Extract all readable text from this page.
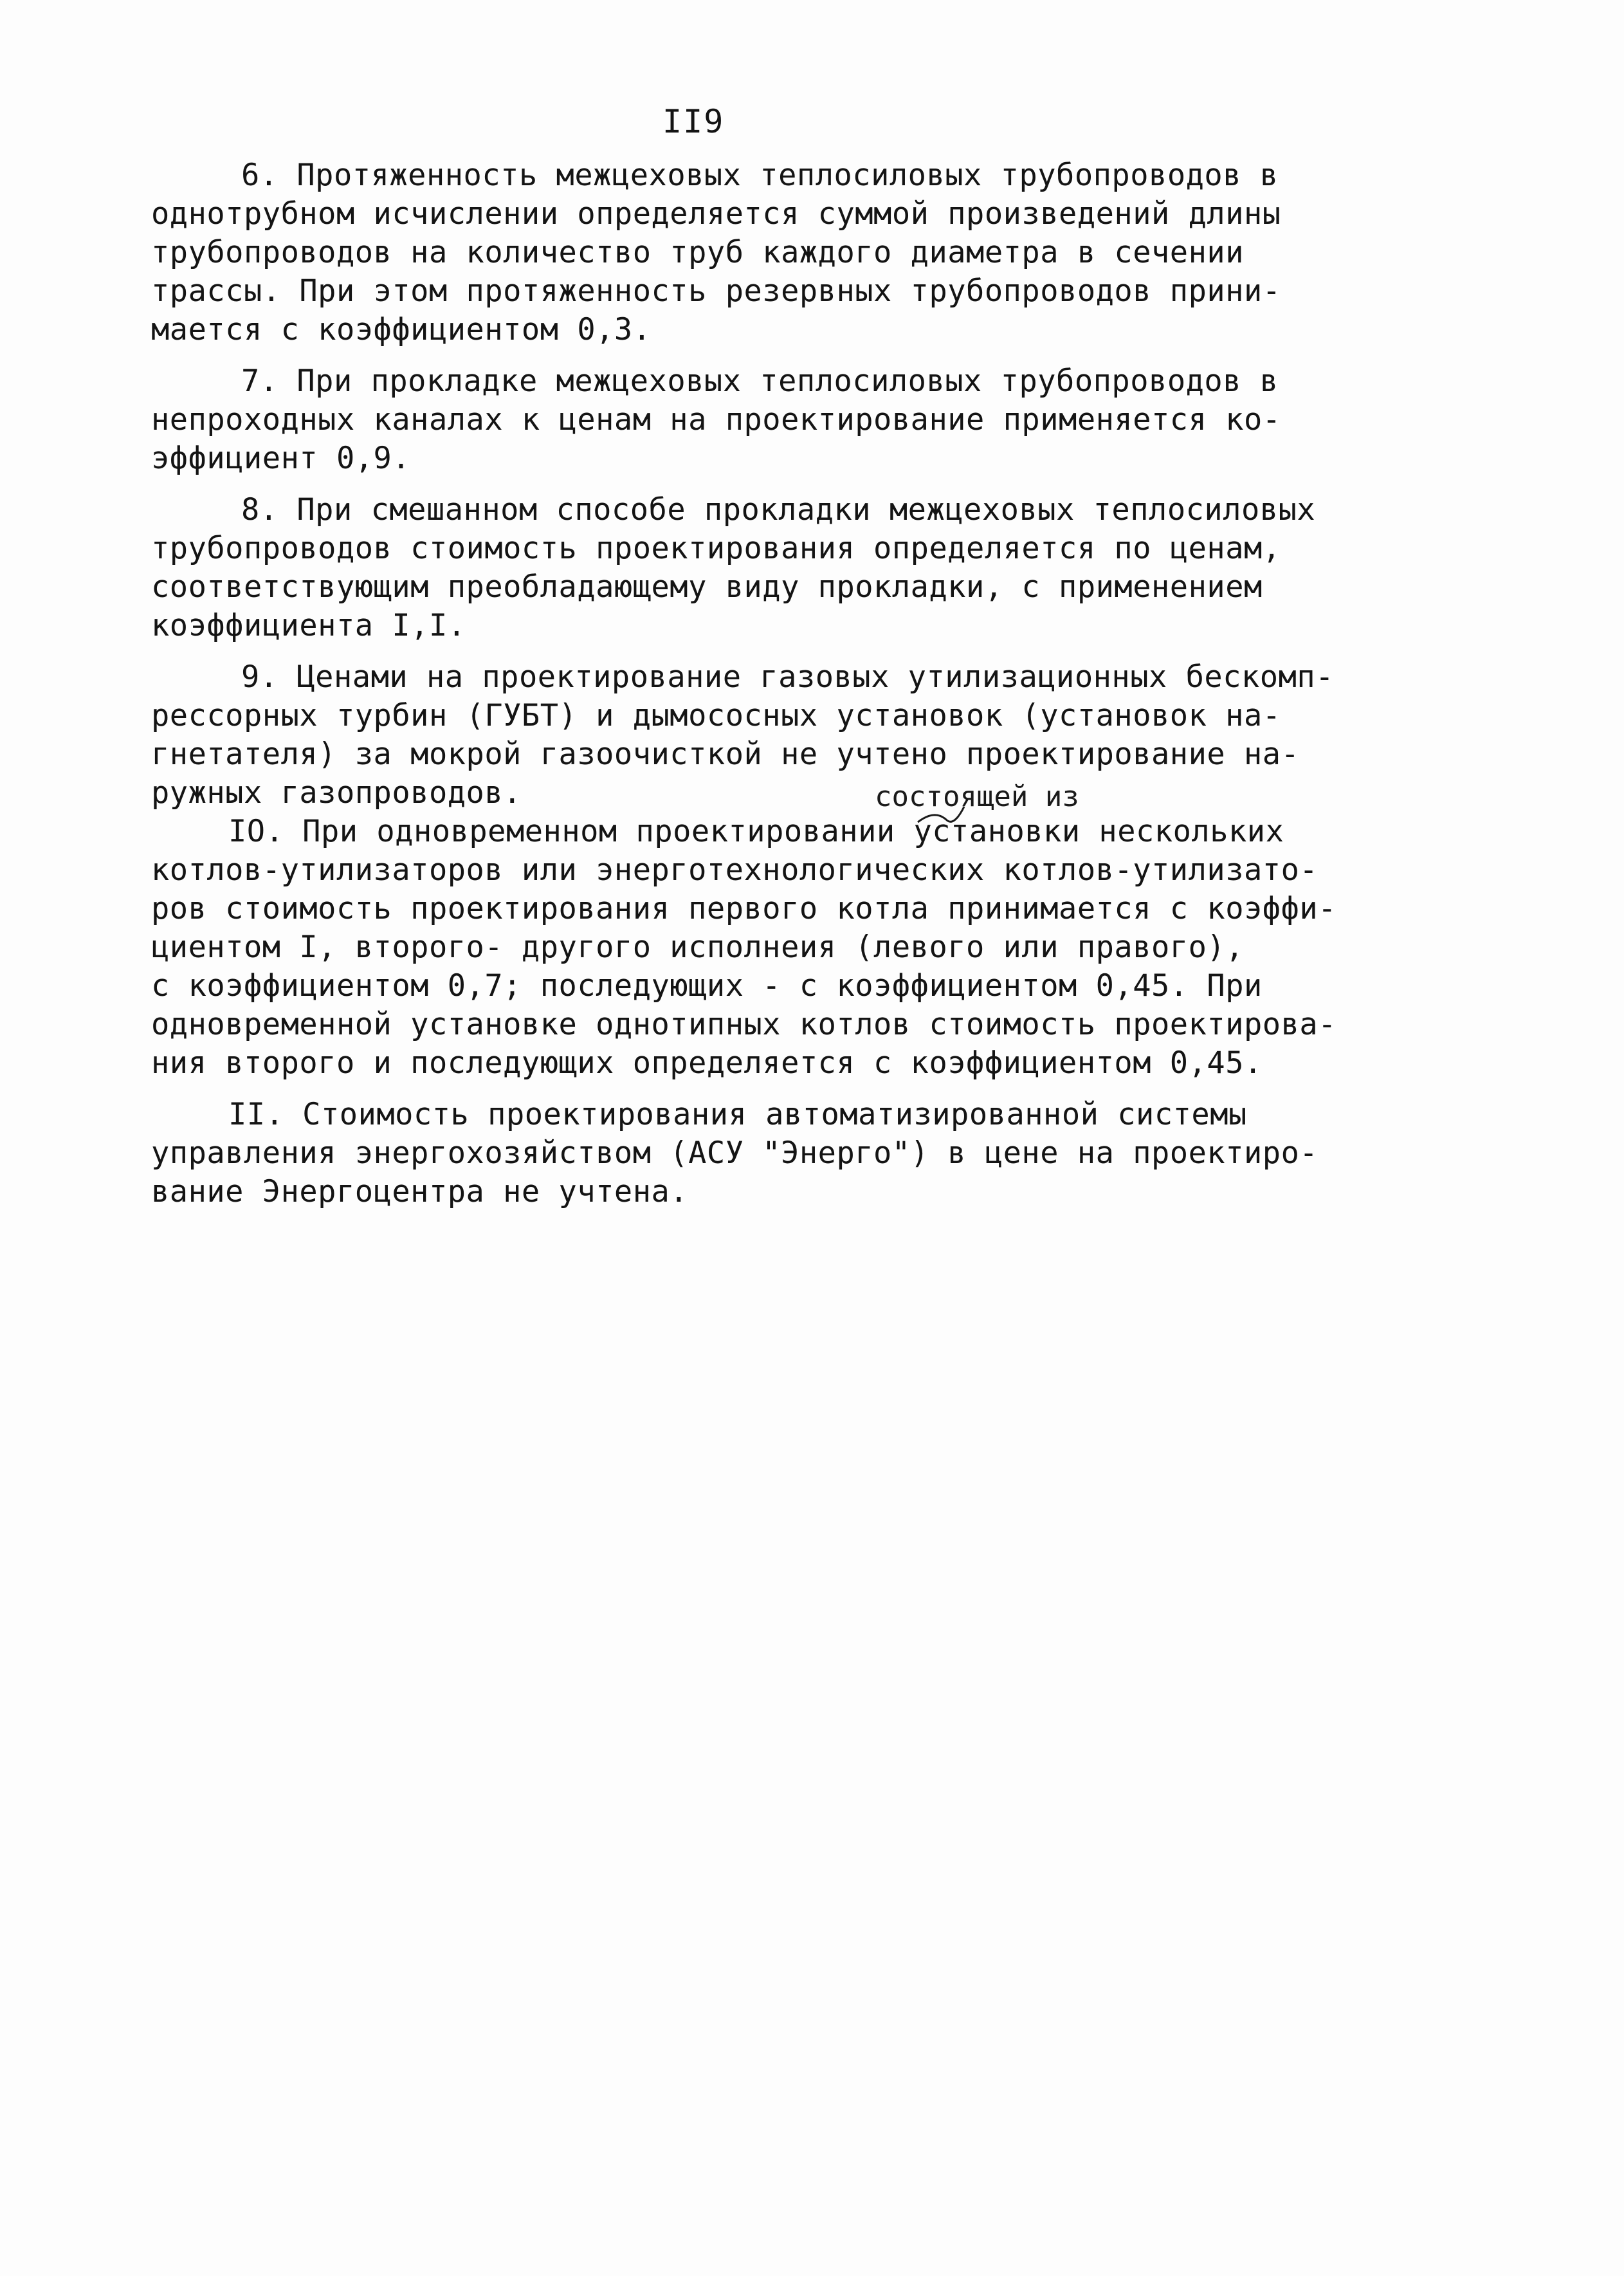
II9
6. Протяженность межцеховых теплосиловых трубопроводов в
однотрубном исчислении определяется суммой произведений длины
трубопроводов на количество труб каждого диаметра в сечении
трассы. При этом протяженность резервных трубопроводов прини-
мается с коэффициентом 0,3.
7. При прокладке межцеховых теплосиловых трубопроводов в
непроходных каналах к ценам на проектирование применяется ко-
эффициент 0,9.
8. При смешанном способе прокладки межцеховых теплосиловых
трубопроводов стоимость проектирования определяется по ценам,
соответствующим преобладающему виду прокладки, с применением
коэффициента I,I.
9. Ценами на проектирование газовых утилизационных бескомп-
рессорных турбин (ГУБТ) и дымососных установок (установок на-
гнетателя) за мокрой газоочисткой не учтено проектирование на-
ружных газопроводов.	состоящей из
IО. При одновременном проектировании установки нескольких
котлов-утилизаторов или энерготехнологических котлов-утилизато-
ров стоимость проектирования первого котла принимается с коэффи-
циентом I, второго- другого исполнеия (левого или правого),
с коэффициентом 0,7; последующих - с коэффициентом 0,45. При
одновременной установке однотипных котлов стоимость проектирова-
ния второго и последующих определяется с коэффициентом 0,45.
II. Стоимость проектирования автоматизированной системы
управления энергохозяйством (АСУ "Энерго") в цене на проектиро-
вание Энергоцентра не учтена.
